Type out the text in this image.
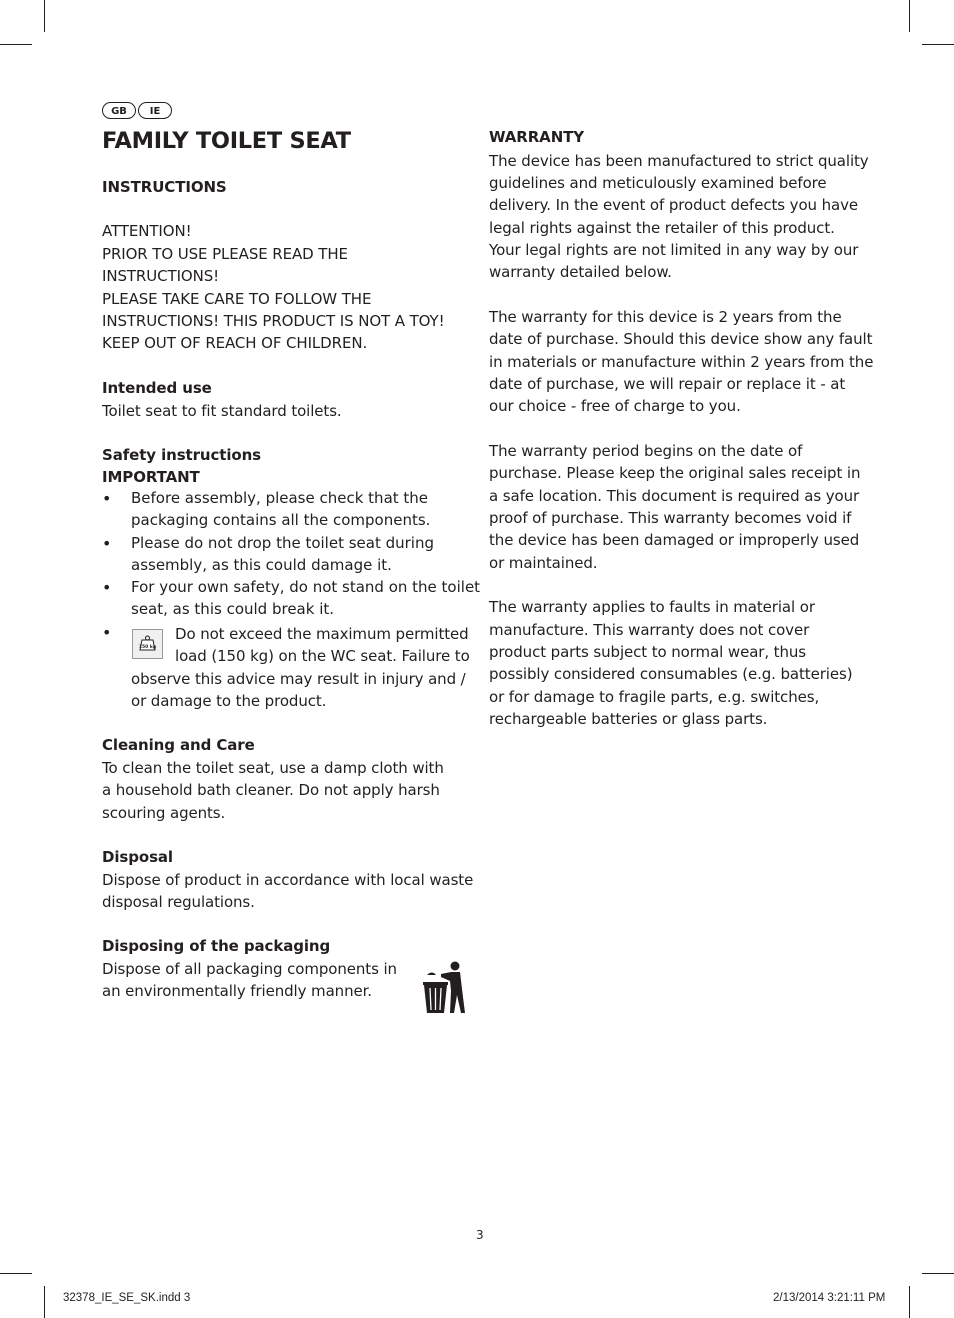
GB	IE
FAMILY TOILET SEAT

INSTRUCTIONS

ATTENTION!

PRIOR TO USE PLEASE READ THE

INSTRUCTIONS!

PLEASE TAKE CARE TO FOLLOW THE

INSTRUCTIONS! THIS PRODUCT IS NOT A TOY!

KEEP OUT OF REACH OF CHILDREN.

Intended use

Toilet seat to fit standard toilets.

Safety instructions

IMPORTANT

• Before assembly, please check that the
packaging contains all the components.
• Please do not drop the toilet seat during
assembly, as this could damage it.
• For your own safety, do not stand on the toilet
seat, as this could break it.
•
150 kg

Do not exceed the maximum permitted

load (150 kg) on the WC seat. Failure to

observe this advice may result in injury and /

or damage to the product.

Cleaning and Care

To clean the toilet seat, use a damp cloth with

a household bath cleaner. Do not apply harsh

scouring agents.

Disposal

Dispose of product in accordance with local waste

disposal regulations.

Disposing of the packaging

Dispose of all packaging components in

an environmentally friendly manner.

WARRANTY

The device has been manufactured to strict quality

guidelines and meticulously examined before

delivery. In the event of product defects you have

legal rights against the retailer of this product.

Your legal rights are not limited in any way by our

warranty detailed below.

The warranty for this device is 2 years from the

date of purchase. Should this device show any fault

in materials or manufacture within 2 years from the

date of purchase, we will repair or replace it - at

our choice - free of charge to you.

The warranty period begins on the date of

purchase. Please keep the original sales receipt in

a safe location. This document is required as your

proof of purchase. This warranty becomes void if

the device has been damaged or improperly used

or maintained.

The warranty applies to faults in material or

manufacture. This warranty does not cover

product parts subject to normal wear, thus

possibly considered consumables (e.g. batteries)

or for damage to fragile parts, e.g. switches,

rechargeable batteries or glass parts.

3
32378_IE_SE_SK.indd 3	2/13/2014 3:21:11 PM
